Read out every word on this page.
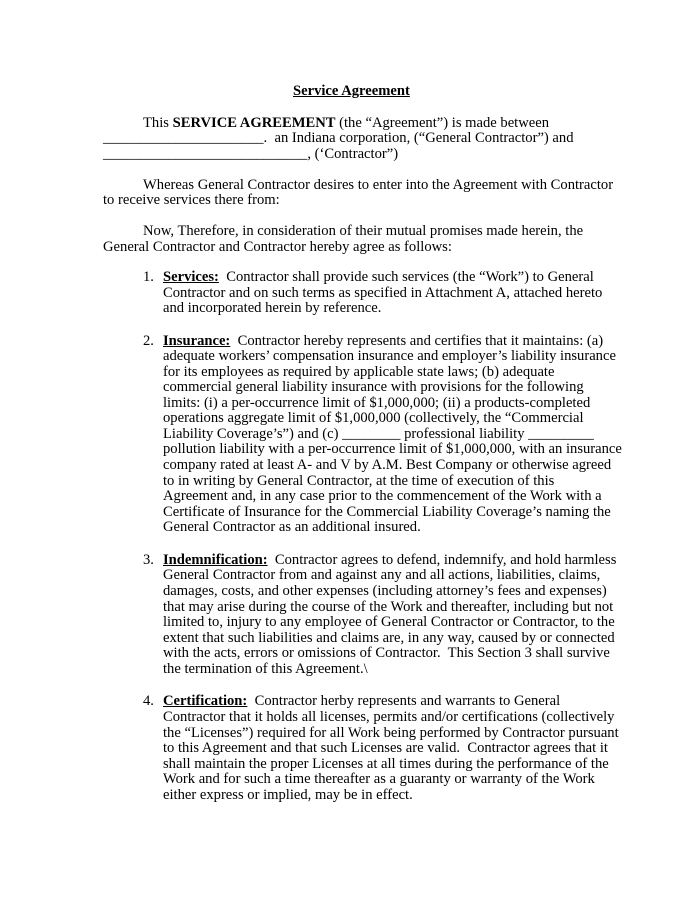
Service Agreement
This SERVICE AGREEMENT (the “Agreement”) is made between
______________________.  an Indiana corporation, (“General Contractor”) and
____________________________, (‘Contractor”)
Whereas General Contractor desires to enter into the Agreement with Contractor
to receive services there from:
Now, Therefore, in consideration of their mutual promises made herein, the
General Contractor and Contractor hereby agree as follows:
1. Services:  Contractor shall provide such services (the “Work”) to General
Contractor and on such terms as specified in Attachment A, attached hereto
and incorporated herein by reference.
2. Insurance:  Contractor hereby represents and certifies that it maintains: (a)
adequate workers’ compensation insurance and employer’s liability insurance
for its employees as required by applicable state laws; (b) adequate
commercial general liability insurance with provisions for the following
limits: (i) a per-occurrence limit of $1,000,000; (ii) a products-completed
operations aggregate limit of $1,000,000 (collectively, the “Commercial
Liability Coverage’s”) and (c) ________ professional liability _________
pollution liability with a per-occurrence limit of $1,000,000, with an insurance
company rated at least A- and V by A.M. Best Company or otherwise agreed
to in writing by General Contractor, at the time of execution of this
Agreement and, in any case prior to the commencement of the Work with a
Certificate of Insurance for the Commercial Liability Coverage’s naming the
General Contractor as an additional insured.
3. Indemnification:  Contractor agrees to defend, indemnify, and hold harmless
General Contractor from and against any and all actions, liabilities, claims,
damages, costs, and other expenses (including attorney’s fees and expenses)
that may arise during the course of the Work and thereafter, including but not
limited to, injury to any employee of General Contractor or Contractor, to the
extent that such liabilities and claims are, in any way, caused by or connected
with the acts, errors or omissions of Contractor.  This Section 3 shall survive
the termination of this Agreement.\
4. Certification:  Contractor herby represents and warrants to General
Contractor that it holds all licenses, permits and/or certifications (collectively
the “Licenses”) required for all Work being performed by Contractor pursuant
to this Agreement and that such Licenses are valid.  Contractor agrees that it
shall maintain the proper Licenses at all times during the performance of the
Work and for such a time thereafter as a guaranty or warranty of the Work
either express or implied, may be in effect.
